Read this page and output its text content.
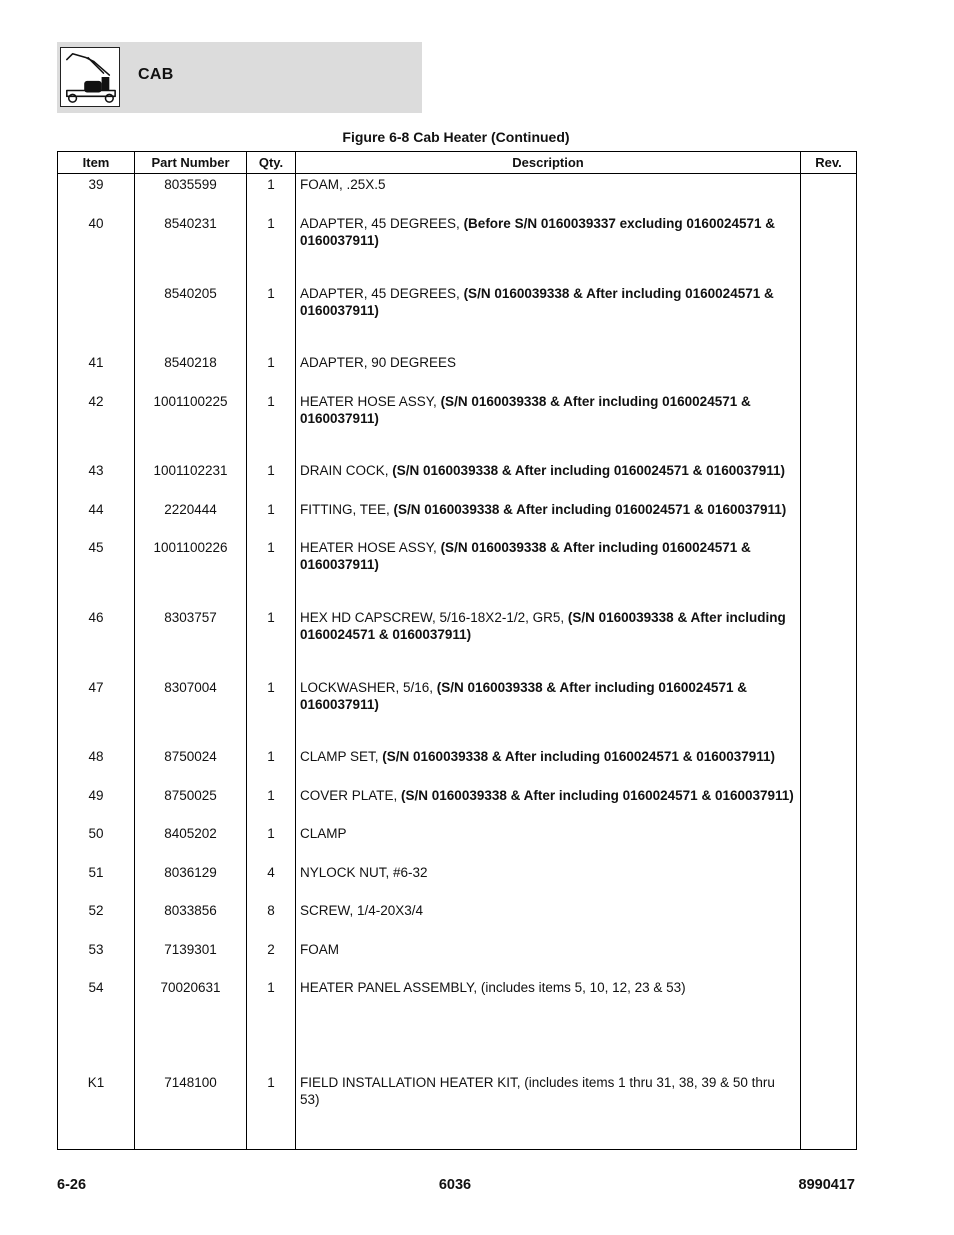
CAB
Figure 6-8 Cab Heater (Continued)
Item	Part Number	Qty.	Description	Rev.
39	8035599	1	FOAM, .25X.5	
40	8540231	1	ADAPTER, 45 DEGREES, (Before S/N 0160039337 excluding 0160024571 & 0160037911)	
	8540205	1	ADAPTER, 45 DEGREES, (S/N 0160039338 & After including 0160024571 & 0160037911)	
41	8540218	1	ADAPTER, 90 DEGREES	
42	1001100225	1	HEATER HOSE ASSY, (S/N 0160039338 & After including 0160024571 & 0160037911)	
43	1001102231	1	DRAIN COCK, (S/N 0160039338 & After including 0160024571 & 0160037911)	
44	2220444	1	FITTING, TEE, (S/N 0160039338 & After including 0160024571 & 0160037911)	
45	1001100226	1	HEATER HOSE ASSY, (S/N 0160039338 & After including 0160024571 & 0160037911)	
46	8303757	1	HEX HD CAPSCREW, 5/16-18X2-1/2, GR5, (S/N 0160039338 & After including 0160024571 & 0160037911)	
47	8307004	1	LOCKWASHER, 5/16, (S/N 0160039338 & After including 0160024571 & 0160037911)	
48	8750024	1	CLAMP SET, (S/N 0160039338 & After including 0160024571 & 0160037911)	
49	8750025	1	COVER PLATE, (S/N 0160039338 & After including 0160024571 & 0160037911)	
50	8405202	1	CLAMP	
51	8036129	4	NYLOCK NUT, #6-32	
52	8033856	8	SCREW, 1/4-20X3/4	
53	7139301	2	FOAM	
54	70020631	1	HEATER PANEL ASSEMBLY, (includes items 5, 10, 12, 23 & 53)	

K1	7148100	1	FIELD INSTALLATION HEATER KIT, (includes items 1 thru 31, 38, 39 & 50 thru 53)	

6-26	6036	8990417
